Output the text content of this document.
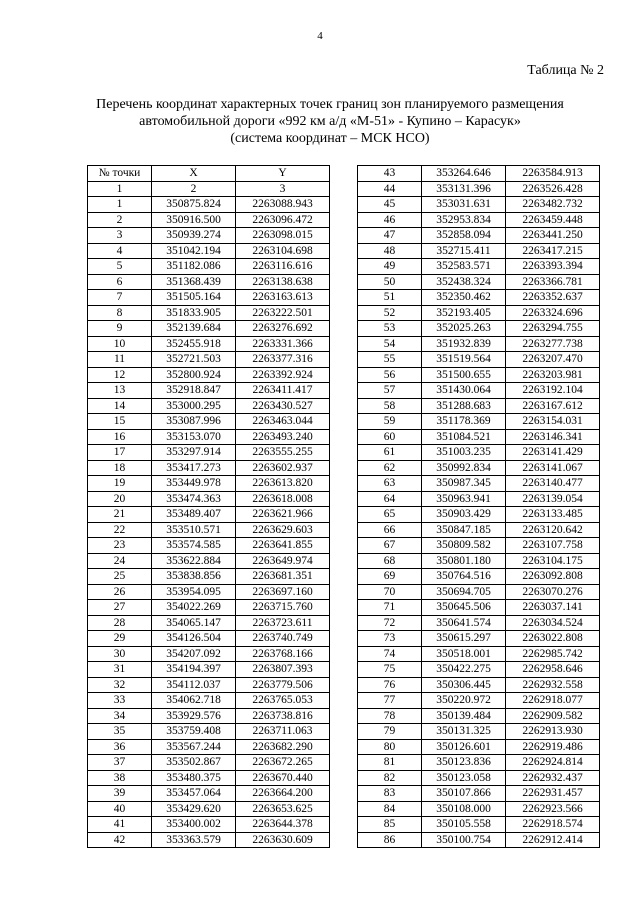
4
Таблица № 2
Перечень координат характерных точек границ зон планируемого размещения
автомобильной дороги «992 км а/д «М-51» - Купино – Карасук»
(система координат – МСК НСО)
№ точки	X	Y
1	2	3
1	350875.824	2263088.943
2	350916.500	2263096.472
3	350939.274	2263098.015
4	351042.194	2263104.698
5	351182.086	2263116.616
6	351368.439	2263138.638
7	351505.164	2263163.613
8	351833.905	2263222.501
9	352139.684	2263276.692
10	352455.918	2263331.366
11	352721.503	2263377.316
12	352800.924	2263392.924
13	352918.847	2263411.417
14	353000.295	2263430.527
15	353087.996	2263463.044
16	353153.070	2263493.240
17	353297.914	2263555.255
18	353417.273	2263602.937
19	353449.978	2263613.820
20	353474.363	2263618.008
21	353489.407	2263621.966
22	353510.571	2263629.603
23	353574.585	2263641.855
24	353622.884	2263649.974
25	353838.856	2263681.351
26	353954.095	2263697.160
27	354022.269	2263715.760
28	354065.147	2263723.611
29	354126.504	2263740.749
30	354207.092	2263768.166
31	354194.397	2263807.393
32	354112.037	2263779.506
33	354062.718	2263765.053
34	353929.576	2263738.816
35	353759.408	2263711.063
36	353567.244	2263682.290
37	353502.867	2263672.265
38	353480.375	2263670.440
39	353457.064	2263664.200
40	353429.620	2263653.625
41	353400.002	2263644.378
42	353363.579	2263630.609
43	353264.646	2263584.913
44	353131.396	2263526.428
45	353031.631	2263482.732
46	352953.834	2263459.448
47	352858.094	2263441.250
48	352715.411	2263417.215
49	352583.571	2263393.394
50	352438.324	2263366.781
51	352350.462	2263352.637
52	352193.405	2263324.696
53	352025.263	2263294.755
54	351932.839	2263277.738
55	351519.564	2263207.470
56	351500.655	2263203.981
57	351430.064	2263192.104
58	351288.683	2263167.612
59	351178.369	2263154.031
60	351084.521	2263146.341
61	351003.235	2263141.429
62	350992.834	2263141.067
63	350987.345	2263140.477
64	350963.941	2263139.054
65	350903.429	2263133.485
66	350847.185	2263120.642
67	350809.582	2263107.758
68	350801.180	2263104.175
69	350764.516	2263092.808
70	350694.705	2263070.276
71	350645.506	2263037.141
72	350641.574	2263034.524
73	350615.297	2263022.808
74	350518.001	2262985.742
75	350422.275	2262958.646
76	350306.445	2262932.558
77	350220.972	2262918.077
78	350139.484	2262909.582
79	350131.325	2262913.930
80	350126.601	2262919.486
81	350123.836	2262924.814
82	350123.058	2262932.437
83	350107.866	2262931.457
84	350108.000	2262923.566
85	350105.558	2262918.574
86	350100.754	2262912.414
